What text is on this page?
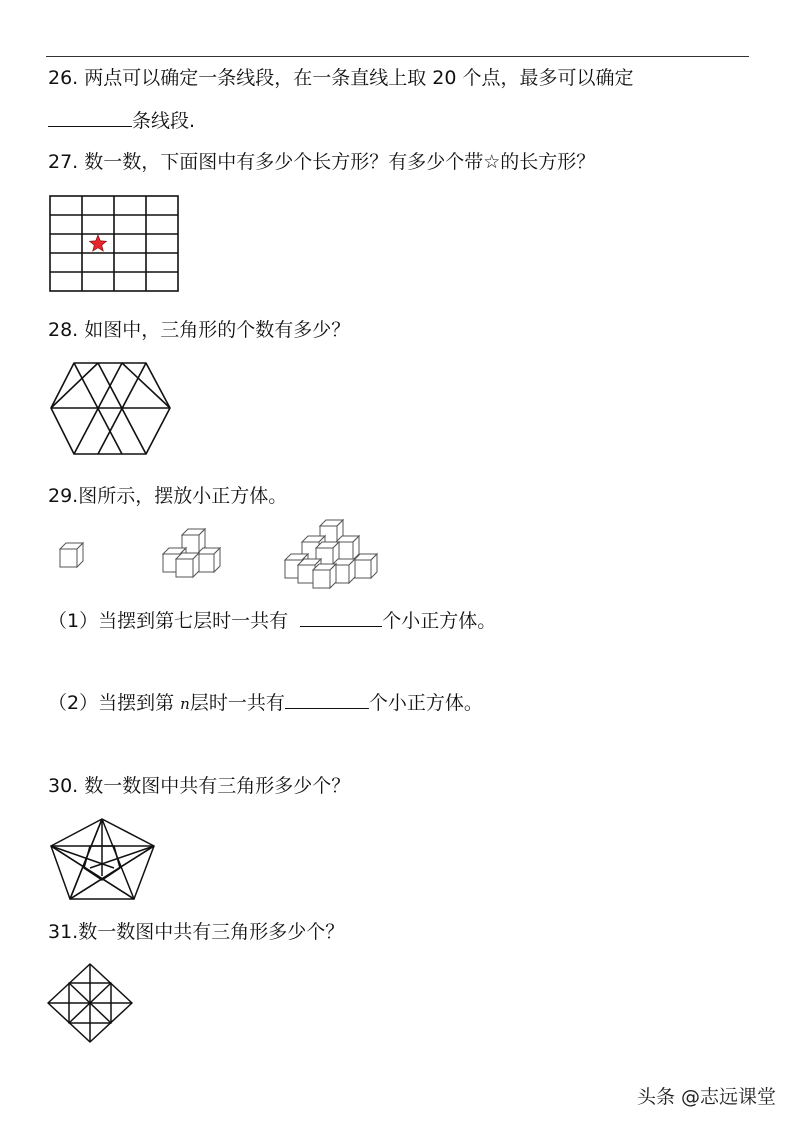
26. 两点可以确定一条线段，在一条直线上取 20 个点，最多可以确定
条线段.
27. 数一数，下面图中有多少个长方形？有多少个带☆的长方形？
28. 如图中，三角形的个数有多少？
29.图所示，摆放小正方体。
（1）当摆到第七层时一共有	个小正方体。
（2）当摆到第 n层时一共有	个小正方体。
30. 数一数图中共有三角形多少个？
31.数一数图中共有三角形多少个？
头条 @志远课堂
